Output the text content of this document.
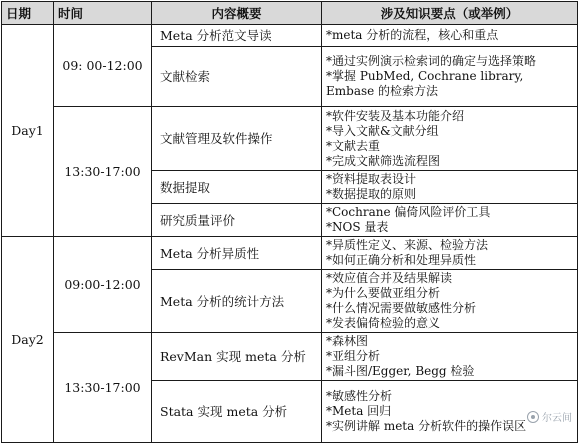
日期	时间	内容概要	涉及知识要点（或举例）
Day1	09: 00-12:00	Meta 分析范文导读	*meta 分析的流程，核心和重点

		文献检索	*通过实例演示检索词的确定与选择策略
*掌握 PubMed, Cochrane library, Embase 的检索方法

	13:30-17:00	文献管理及软件操作	*软件安装及基本功能介绍
*导入文献&文献分组
*文献去重
*完成文献筛选流程图

		数据提取	*资料提取表设计
*数据提取的原则

		研究质量评价	*Cochrane 偏倚风险评价工具
*NOS 量表

Day2	09:00-12:00	Meta 分析异质性	*异质性定义、来源、检验方法
*如何正确分析和处理异质性

		Meta 分析的统计方法	*效应值合并及结果解读
*为什么要做亚组分析
*什么情况需要做敏感性分析
*发表偏倚检验的意义

	13:30-17:00	RevMan 实现 meta 分析	*森林图
*亚组分析
*漏斗图/Egger, Begg 检验

		Stata 实现 meta 分析	*敏感性分析
*Meta 回归
*实例讲解 meta 分析软件的操作误区
尔云间
